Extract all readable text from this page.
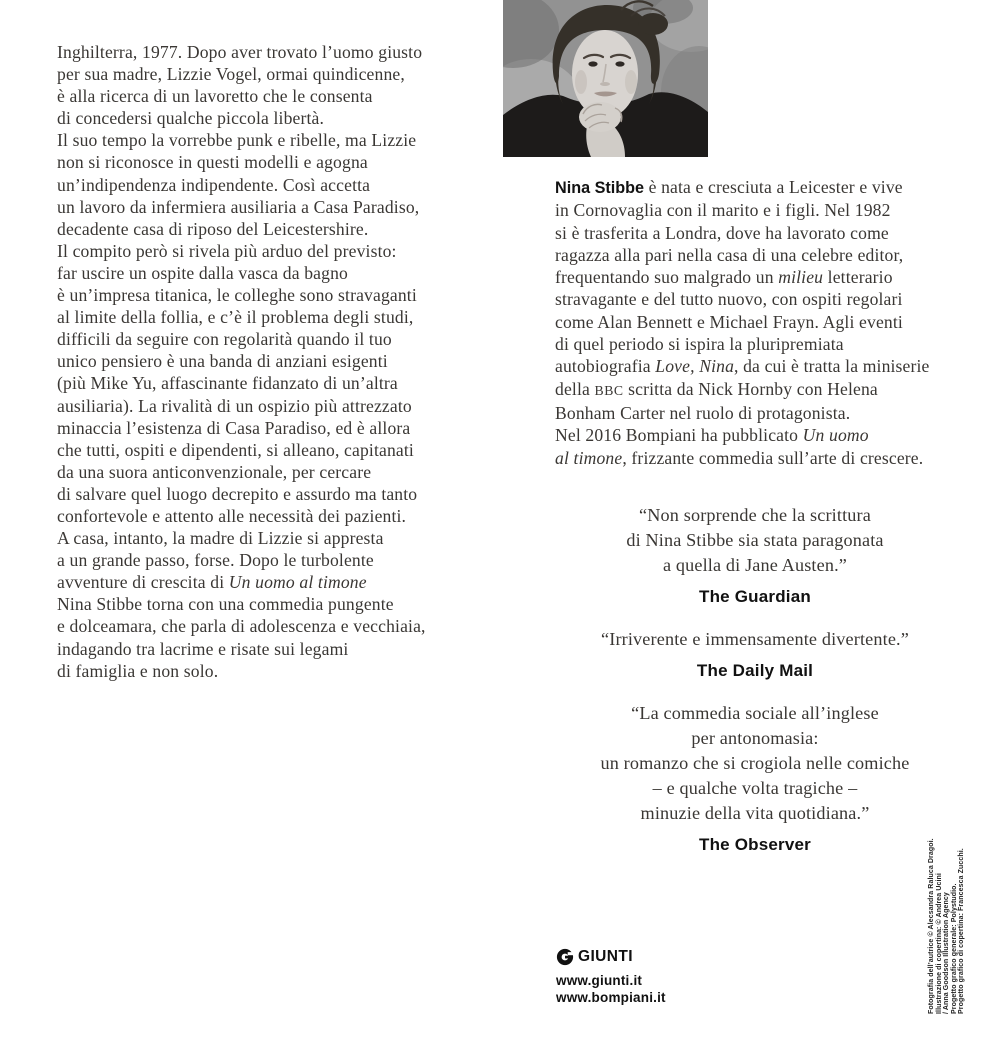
Inghilterra, 1977. Dopo aver trovato l’uomo giusto
per sua madre, Lizzie Vogel, ormai quindicenne,
è alla ricerca di un lavoretto che le consenta
di concedersi qualche piccola libertà.
Il suo tempo la vorrebbe punk e ribelle, ma Lizzie
non si riconosce in questi modelli e agogna
un’indipendenza indipendente. Così accetta
un lavoro da infermiera ausiliaria a Casa Paradiso,
decadente casa di riposo del Leicestershire.
Il compito però si rivela più arduo del previsto:
far uscire un ospite dalla vasca da bagno
è un’impresa titanica, le colleghe sono stravaganti
al limite della follia, e c’è il problema degli studi,
difficili da seguire con regolarità quando il tuo
unico pensiero è una banda di anziani esigenti
(più Mike Yu, affascinante fidanzato di un’altra
ausiliaria). La rivalità di un ospizio più attrezzato
minaccia l’esistenza di Casa Paradiso, ed è allora
che tutti, ospiti e dipendenti, si alleano, capitanati
da una suora anticonvenzionale, per cercare
di salvare quel luogo decrepito e assurdo ma tanto
confortevole e attento alle necessità dei pazienti.
A casa, intanto, la madre di Lizzie si appresta
a un grande passo, forse. Dopo le turbolente
avventure di crescita di Un uomo al timone
Nina Stibbe torna con una commedia pungente
e dolceamara, che parla di adolescenza e vecchiaia,
indagando tra lacrime e risate sui legami
di famiglia e non solo.
Nina Stibbe è nata e cresciuta a Leicester e vive
in Cornovaglia con il marito e i figli. Nel 1982
si è trasferita a Londra, dove ha lavorato come
ragazza alla pari nella casa di una celebre editor,
frequentando suo malgrado un milieu letterario
stravagante e del tutto nuovo, con ospiti regolari
come Alan Bennett e Michael Frayn. Agli eventi
di quel periodo si ispira la pluripremiata
autobiografia Love, Nina, da cui è tratta la miniserie
della BBC scritta da Nick Hornby con Helena
Bonham Carter nel ruolo di protagonista.
Nel 2016 Bompiani ha pubblicato Un uomo
al timone, frizzante commedia sull’arte di crescere.

“Non sorprende che la scrittura
di Nina Stibbe sia stata paragonata
a quella di Jane Austen.”

The Guardian

“Irriverente e immensamente divertente.”

The Daily Mail

“La commedia sociale all’inglese
per antonomasia:
un romanzo che si crogiola nelle comiche
– e qualche volta tragiche –
minuzie della vita quotidiana.”

The Observer
GIUNTI
www.giunti.it
www.bompiani.it	Fotografia dell’autrice © Alecsandra Raluca Dragoi.
Illustrazione di copertina: © Andrea Ucini
/ Anna Goodson Illustration Agency
Progetto grafico generale: Polystudio.
Progetto grafico di copertina: Francesca Zucchi.
